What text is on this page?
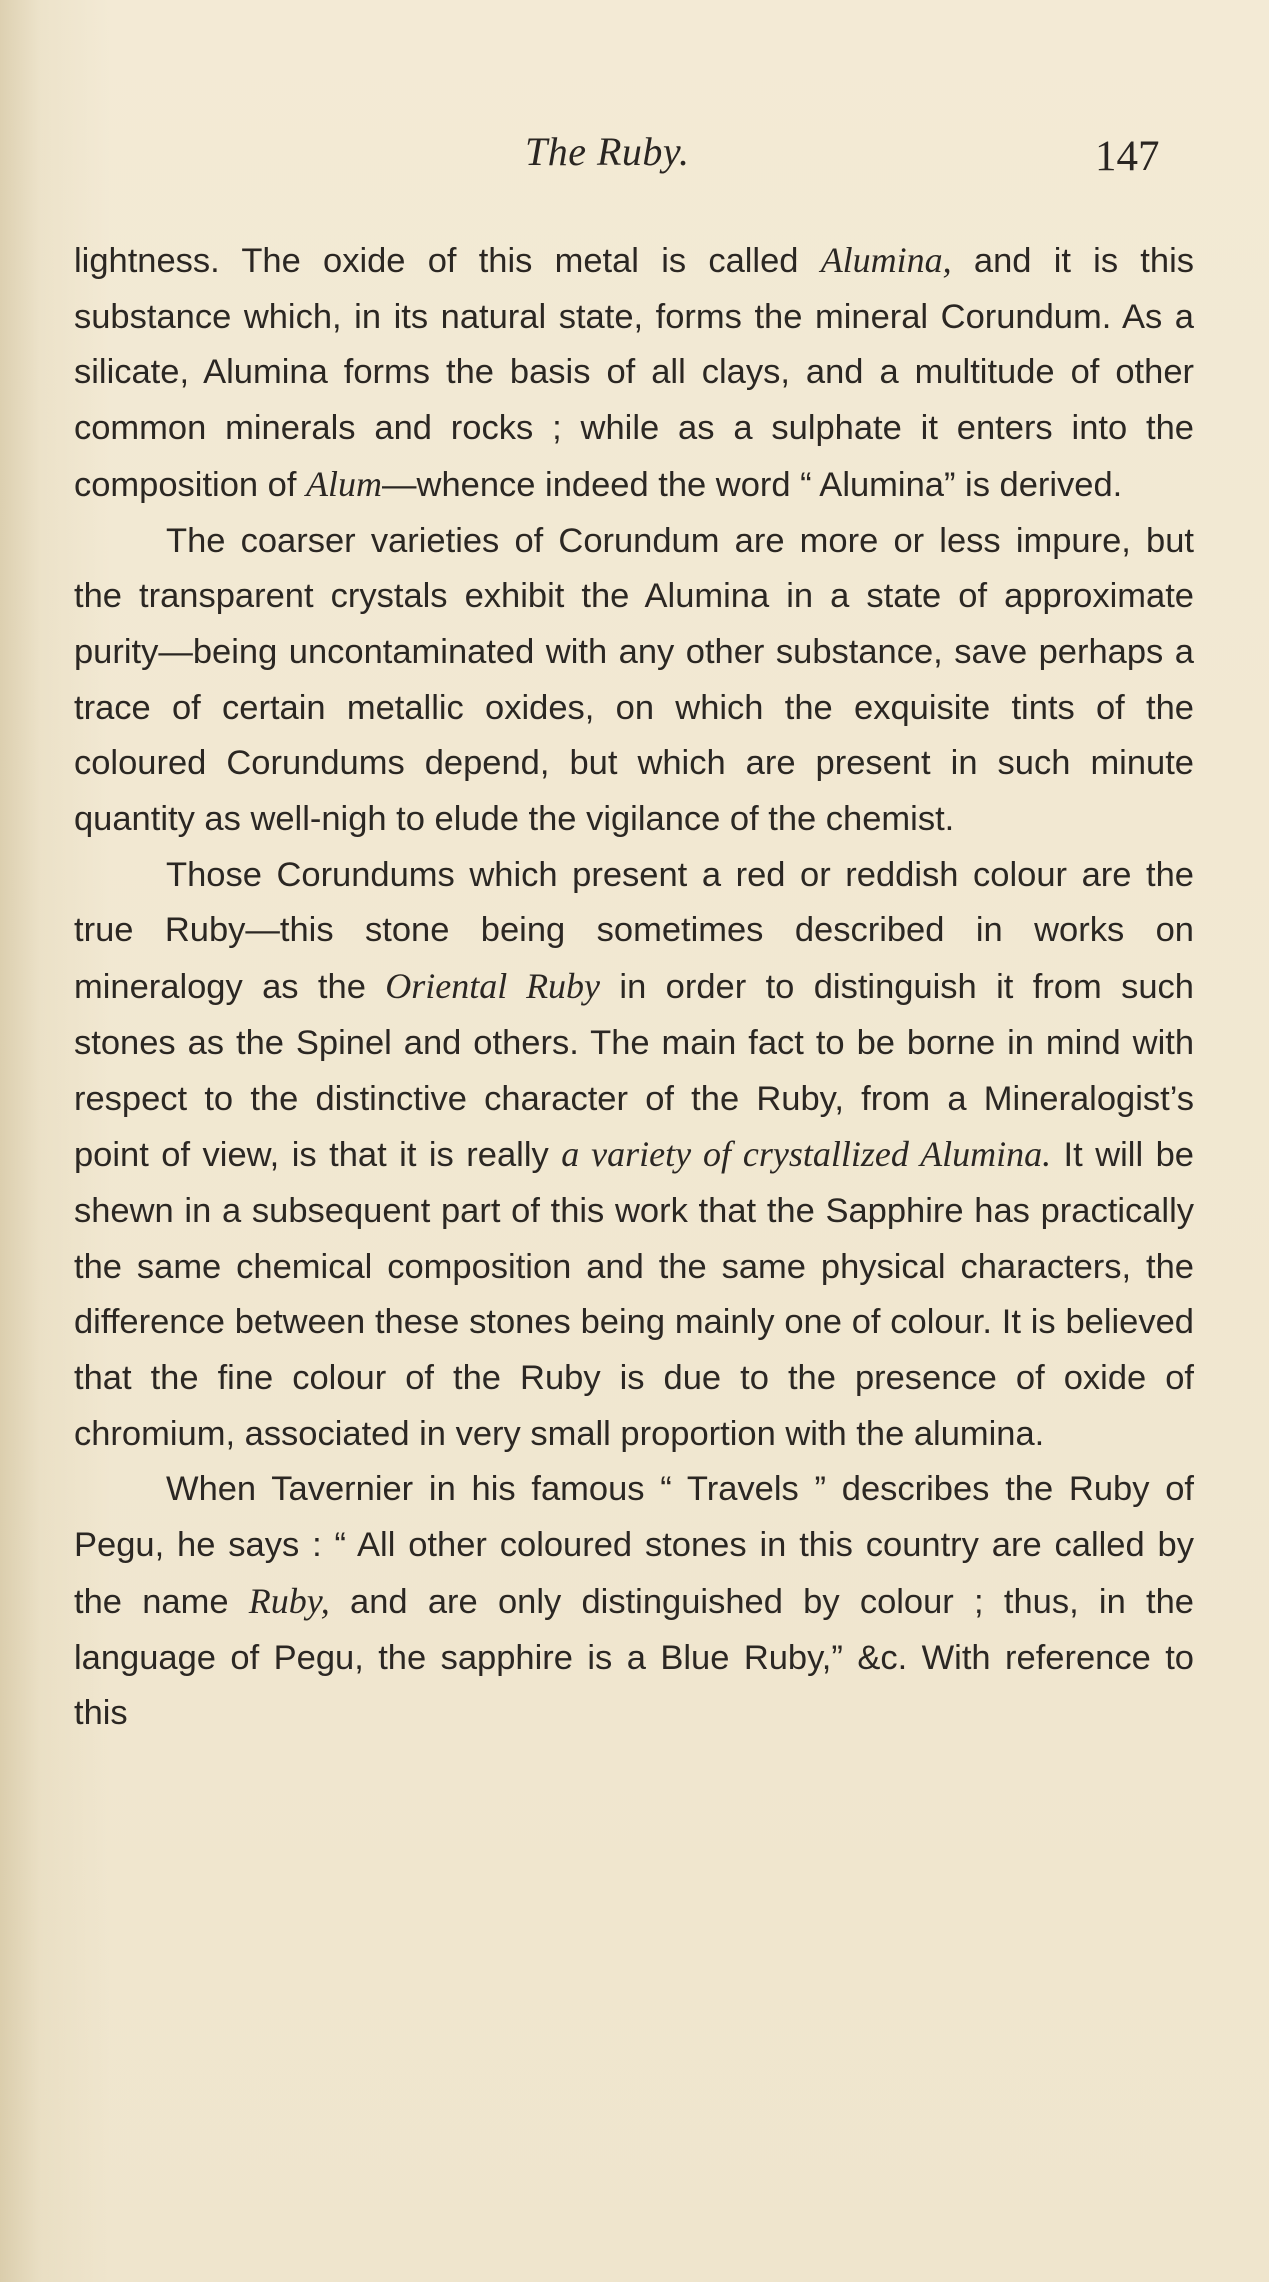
The Ruby.	147

lightness. The oxide of this metal is called Alumina, and it is this substance which, in its natural state, forms the mineral Corundum. As a silicate, Alumina forms the basis of all clays, and a multitude of other common minerals and rocks ; while as a sulphate it enters into the composition of Alum—whence indeed the word “ Alumina” is derived.

The coarser varieties of Corundum are more or less impure, but the transparent crystals exhibit the Alumina in a state of approximate purity—being uncontaminated with any other substance, save perhaps a trace of certain metallic oxides, on which the exquisite tints of the coloured Corundums depend, but which are present in such minute quantity as well-nigh to elude the vigilance of the chemist.

Those Corundums which present a red or reddish colour are the true Ruby—this stone being sometimes described in works on mineralogy as the Oriental Ruby in order to distinguish it from such stones as the Spinel and others. The main fact to be borne in mind with respect to the distinctive character of the Ruby, from a Mineralogist’s point of view, is that it is really a variety of crystallized Alumina. It will be shewn in a subsequent part of this work that the Sapphire has practically the same chemical composition and the same physical characters, the difference between these stones being mainly one of colour. It is believed that the fine colour of the Ruby is due to the presence of oxide of chromium, associated in very small proportion with the alumina.

When Tavernier in his famous “ Travels ” describes the Ruby of Pegu, he says : “ All other coloured stones in this country are called by the name Ruby, and are only distinguished by colour ; thus, in the language of Pegu, the sapphire is a Blue Ruby,” &c. With reference to this
